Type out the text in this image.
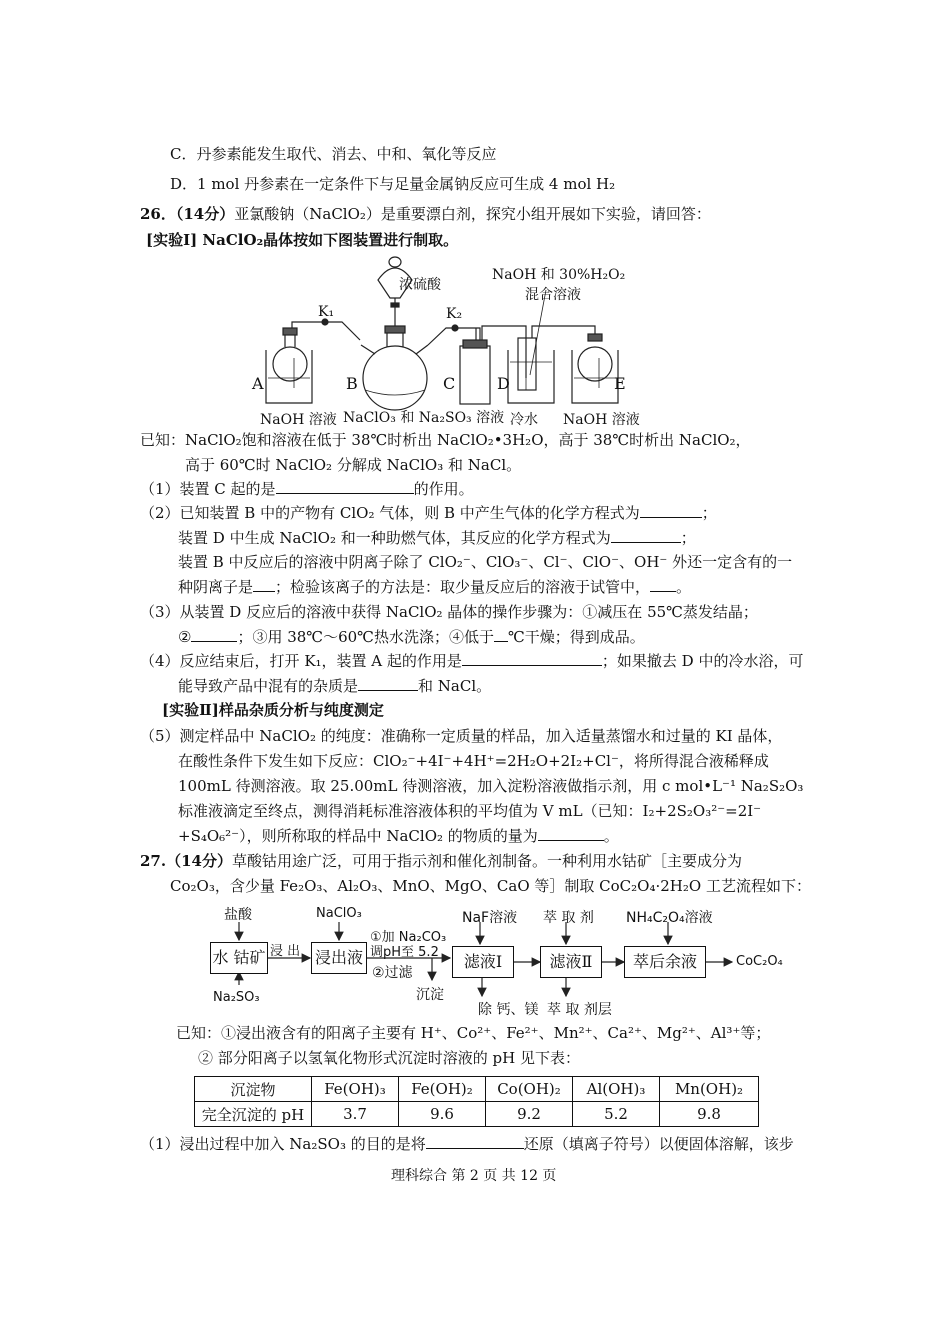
C．丹参素能发生取代、消去、中和、氧化等反应
D．1 mol 丹参素在一定条件下与足量金属钠反应可生成 4 mol H₂
26．（14分）亚氯酸钠（NaClO₂）是重要漂白剂，探究小组开展如下实验，请回答：
[实验Ⅰ] NaClO₂晶体按如下图装置进行制取。
浓硫酸
K₁	K₂
NaOH 和 30%H₂O₂
混合溶液
A	B	C	D	E
NaOH 溶液 NaClO₃ 和 Na₂SO₃ 溶液 冷水 NaOH 溶液
已知：NaClO₂饱和溶液在低于 38℃时析出 NaClO₂•3H₂O，高于 38℃时析出 NaClO₂，
高于 60℃时 NaClO₂ 分解成 NaClO₃ 和 NaCl。
（1）装置 C 起的是	的作用。
（2）已知装置 B 中的产物有 ClO₂ 气体，则 B 中产生气体的化学方程式为	；
装置 D 中生成 NaClO₂ 和一种助燃气体，其反应的化学方程式为	；
装置 B 中反应后的溶液中阴离子除了 ClO₂⁻、ClO₃⁻、Cl⁻、ClO⁻、OH⁻ 外还一定含有的一
种阴离子是 ；检验该离子的方法是：取少量反应后的溶液于试管中， 。
（3）从装置 D 反应后的溶液中获得 NaClO₂ 晶体的操作步骤为：①减压在 55℃蒸发结晶；
②	；③用 38℃～60℃热水洗涤；④低于 ℃干燥；得到成品。
（4）反应结束后，打开 K₁，装置 A 起的作用是	；如果撤去 D 中的冷水浴，可
能导致产品中混有的杂质是	和 NaCl。
[实验Ⅱ]样品杂质分析与纯度测定
（5）测定样品中 NaClO₂ 的纯度：准确称一定质量的样品，加入适量蒸馏水和过量的 KI 晶体，
在酸性条件下发生如下反应：ClO₂⁻+4I⁻+4H⁺=2H₂O+2I₂+Cl⁻，将所得混合液稀释成
100mL 待测溶液。取 25.00mL 待测溶液，加入淀粉溶液做指示剂，用 c mol•L⁻¹ Na₂S₂O₃
标准液滴定至终点，测得消耗标准溶液体积的平均值为 V mL（已知：I₂+2S₂O₃²⁻=2I⁻
+S₄O₆²⁻），则所称取的样品中 NaClO₂ 的物质的量为	。
27.（14分）草酸钴用途广泛，可用于指示剂和催化剂制备。一种利用水钴矿［主要成分为
Co₂O₃，含少量 Fe₂O₃、Al₂O₃、MnO、MgO、CaO 等］制取 CoC₂O₄·2H₂O 工艺流程如下：
盐酸
Na₂SO₃
水 钴矿 浸 出
NaClO₃
浸出液
①加 Na₂CO₃
调pH至 5.2
②过滤
沉淀
NaF溶液
滤液Ⅰ
除 钙、镁
萃 取 剂
滤液Ⅱ
萃 取 剂层
NH₄C₂O₄溶液
萃后余液	CoC₂O₄
已知：①浸出液含有的阳离子主要有 H⁺、Co²⁺、Fe²⁺、Mn²⁺、Ca²⁺、Mg²⁺、Al³⁺等；
② 部分阳离子以氢氧化物形式沉淀时溶液的 pH 见下表：
沉淀物	Fe(OH)₃	Fe(OH)₂	Co(OH)₂	Al(OH)₃	Mn(OH)₂
完全沉淀的 pH	3.7	9.6	9.2	5.2	9.8
（1）浸出过程中加入 Na₂SO₃ 的目的是将	还原（填离子符号）以便固体溶解，该步
理科综合 第 2 页 共 12 页
